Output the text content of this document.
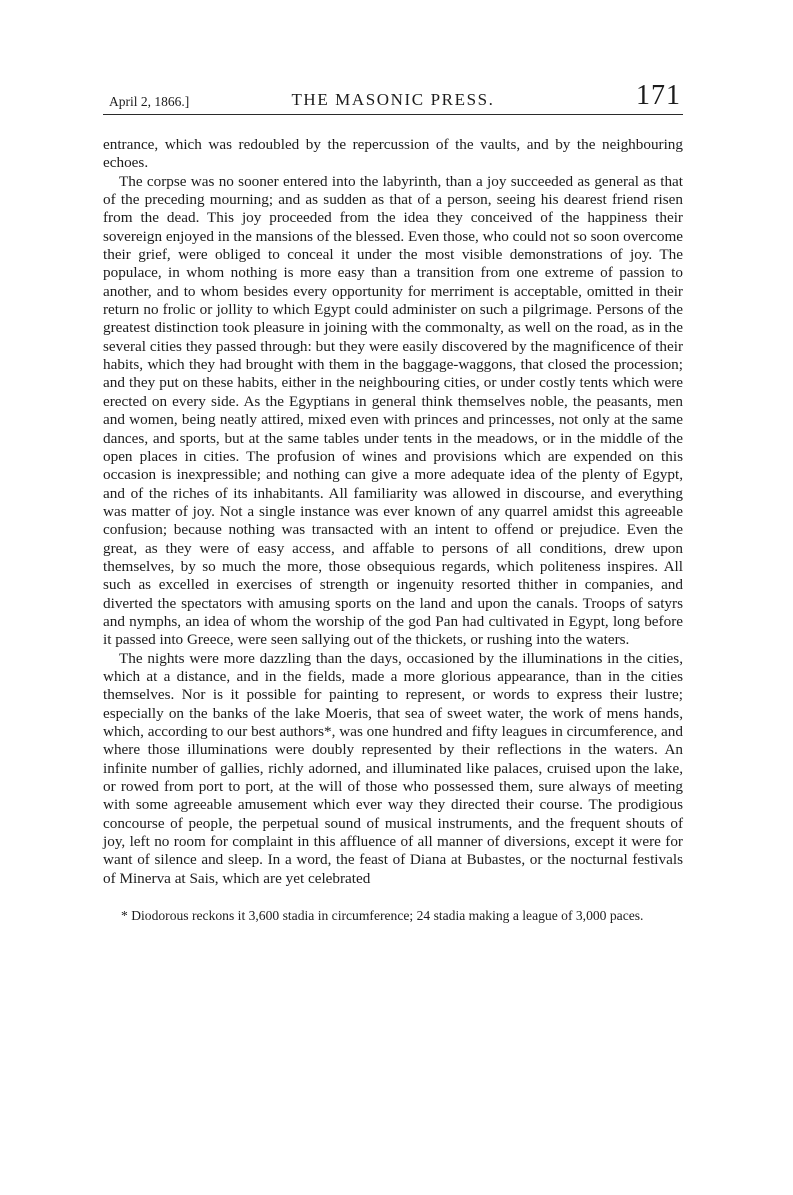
April 2, 1866.]	THE MASONIC PRESS.	171

entrance, which was redoubled by the repercussion of the vaults, and by the neighbouring echoes.

The corpse was no sooner entered into the labyrinth, than a joy succeeded as general as that of the preceding mourning; and as sudden as that of a person, seeing his dearest friend risen from the dead. This joy proceeded from the idea they conceived of the happiness their sovereign enjoyed in the mansions of the blessed. Even those, who could not so soon overcome their grief, were obliged to conceal it under the most visible demonstrations of joy. The populace, in whom nothing is more easy than a transition from one extreme of passion to another, and to whom besides every opportunity for merriment is acceptable, omitted in their return no frolic or jollity to which Egypt could administer on such a pilgrimage. Persons of the greatest distinction took pleasure in joining with the commonalty, as well on the road, as in the several cities they passed through: but they were easily discovered by the magnificence of their habits, which they had brought with them in the baggage-waggons, that closed the procession; and they put on these habits, either in the neighbouring cities, or under costly tents which were erected on every side. As the Egyptians in general think themselves noble, the peasants, men and women, being neatly attired, mixed even with princes and princesses, not only at the same dances, and sports, but at the same tables under tents in the meadows, or in the middle of the open places in cities. The profusion of wines and provisions which are expended on this occasion is inexpressible; and nothing can give a more adequate idea of the plenty of Egypt, and of the riches of its inhabitants. All familiarity was allowed in discourse, and everything was matter of joy. Not a single instance was ever known of any quarrel amidst this agreeable confusion; because nothing was transacted with an intent to offend or prejudice. Even the great, as they were of easy access, and affable to persons of all conditions, drew upon themselves, by so much the more, those obsequious regards, which politeness inspires. All such as excelled in exercises of strength or ingenuity resorted thither in companies, and diverted the spectators with amusing sports on the land and upon the canals. Troops of satyrs and nymphs, an idea of whom the worship of the god Pan had cultivated in Egypt, long before it passed into Greece, were seen sallying out of the thickets, or rushing into the waters.

The nights were more dazzling than the days, occasioned by the illuminations in the cities, which at a distance, and in the fields, made a more glorious appearance, than in the cities themselves. Nor is it possible for painting to represent, or words to express their lustre; especially on the banks of the lake Moeris, that sea of sweet water, the work of mens hands, which, according to our best authors*, was one hundred and fifty leagues in circumference, and where those illuminations were doubly represented by their reflections in the waters. An infinite number of gallies, richly adorned, and illuminated like palaces, cruised upon the lake, or rowed from port to port, at the will of those who possessed them, sure always of meeting with some agreeable amusement which ever way they directed their course. The prodigious concourse of people, the perpetual sound of musical instruments, and the frequent shouts of joy, left no room for complaint in this affluence of all manner of diversions, except it were for want of silence and sleep. In a word, the feast of Diana at Bubastes, or the nocturnal festivals of Minerva at Sais, which are yet celebrated

* Diodorous reckons it 3,600 stadia in circumference; 24 stadia making a league of 3,000 paces.
